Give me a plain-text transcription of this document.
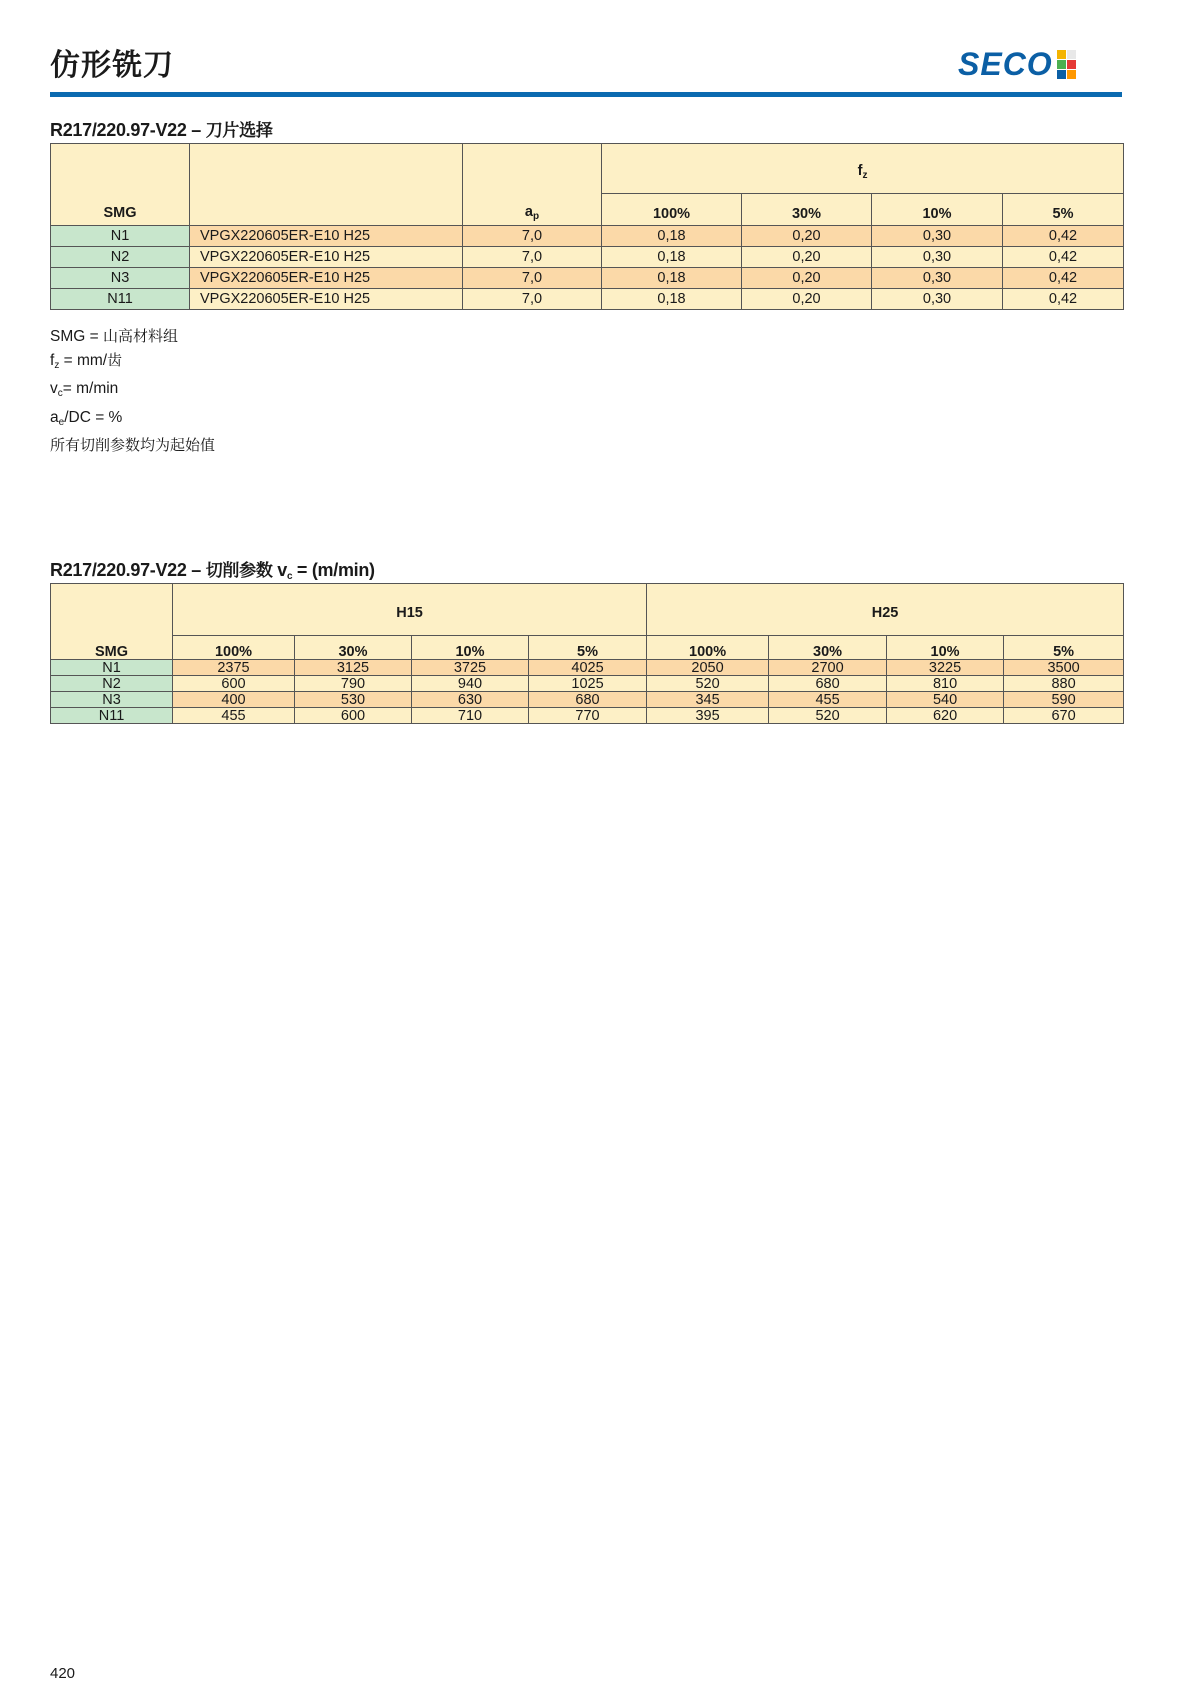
仿形铣刀	SECO
R217/220.97-V22 – 刀片选择
SMG		$a_p$	$f_z$
			100%	30%	10%	5%
N1	VPGX220605ER-E10 H25	7,0	0,18	0,20	0,30	0,42
N2	VPGX220605ER-E10 H25	7,0	0,18	0,20	0,30	0,42
N3	VPGX220605ER-E10 H25	7,0	0,18	0,20	0,30	0,42
N11	VPGX220605ER-E10 H25	7,0	0,18	0,20	0,30	0,42
SMG = 山高材料组
$f_z = mm/$齿
$v_c= m/\min$
$a_e/DC$ = %
所有切削参数均为起始值
R217/220.97-V22 – 切削参数 $v_c = (m/\min)$
SMG	H15				H25			
	100%	30%	10%	5%	100%	30%	10%	5%
N1	2375	3125	3725	4025	2050	2700	3225	3500
N2	600	790	940	1025	520	680	810	880
N3	400	530	630	680	345	455	540	590
N11	455	600	710	770	395	520	620	670
420
